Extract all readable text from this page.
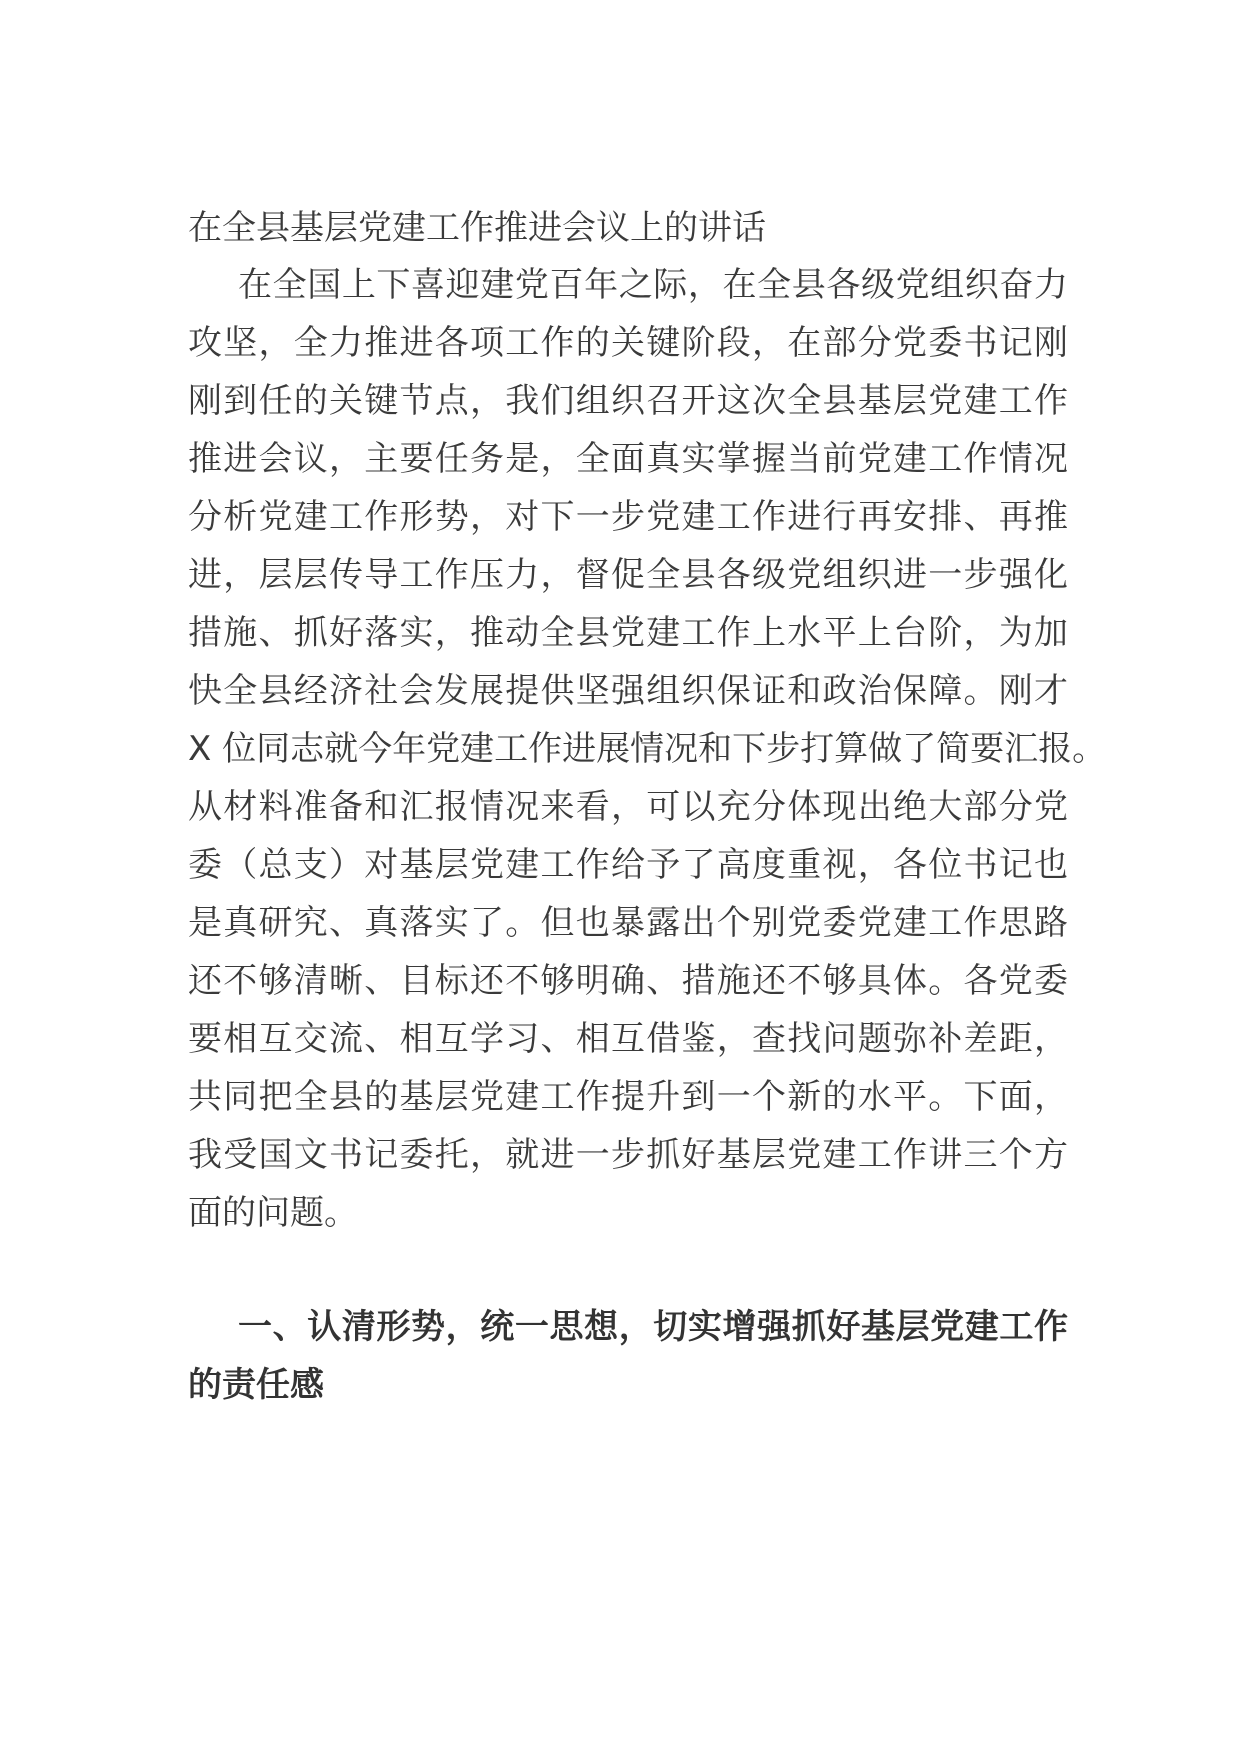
在全县基层党建工作推进会议上的讲话

在全国上下喜迎建党百年之际，在全县各级党组织奋力

攻坚，全力推进各项工作的关键阶段，在部分党委书记刚

刚到任的关键节点，我们组织召开这次全县基层党建工作

推进会议，主要任务是，全面真实掌握当前党建工作情况

分析党建工作形势，对下一步党建工作进行再安排、再推

进，层层传导工作压力，督促全县各级党组织进一步强化

措施、抓好落实，推动全县党建工作上水平上台阶，为加

快全县经济社会发展提供坚强组织保证和政治保障。刚才

X 位同志就今年党建工作进展情况和下步打算做了简要汇报。

从材料准备和汇报情况来看，可以充分体现出绝大部分党

委（总支）对基层党建工作给予了高度重视，各位书记也

是真研究、真落实了。但也暴露出个别党委党建工作思路

还不够清晰、目标还不够明确、措施还不够具体。各党委

要相互交流、相互学习、相互借鉴，查找问题弥补差距，

共同把全县的基层党建工作提升到一个新的水平。下面，

我受国文书记委托，就进一步抓好基层党建工作讲三个方

面的问题。

一、认清形势，统一思想，切实增强抓好基层党建工作

的责任感
